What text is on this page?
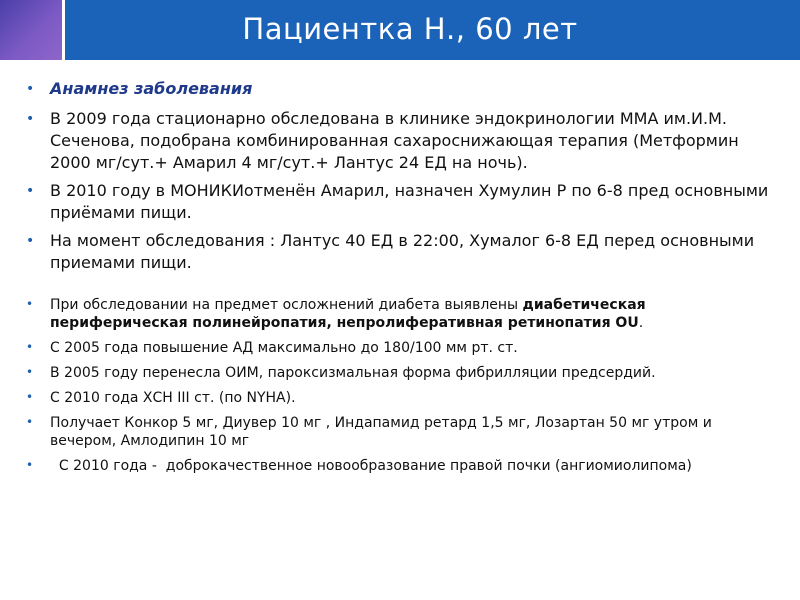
Пациентка Н., 60 лет
• Анамнез заболевания
• В 2009 года стационарно обследована в клинике эндокринологии ММА им.И.М. Сеченова, подобрана комбинированная сахароснижающая терапия (Метформин 2000 мг/сут.+ Амарил 4 мг/сут.+ Лантус 24 ЕД на ночь).
• В 2010 году в МОНИКИотменён Амарил, назначен Хумулин Р по 6-8 пред основными приёмами пищи.
• На момент обследования : Лантус 40 ЕД в 22:00, Хумалог 6-8 ЕД перед основными приемами пищи.
• При обследовании на предмет осложнений диабета выявлены диабетическая периферическая полинейропатия, непролиферативная ретинопатия OU.
• С 2005 года повышение АД максимально до 180/100 мм рт. ст.
• В 2005 году перенесла ОИМ, пароксизмальная форма фибрилляции предсердий.
• С 2010 года ХСН III ст. (по NYHA).
• Получает Конкор 5 мг, Диувер 10 мг , Индапамид ретард 1,5 мг, Лозартан 50 мг утром и вечером, Амлодипин 10 мг
• С 2010 года -  доброкачественное новообразование правой почки (ангиомиолипома)
